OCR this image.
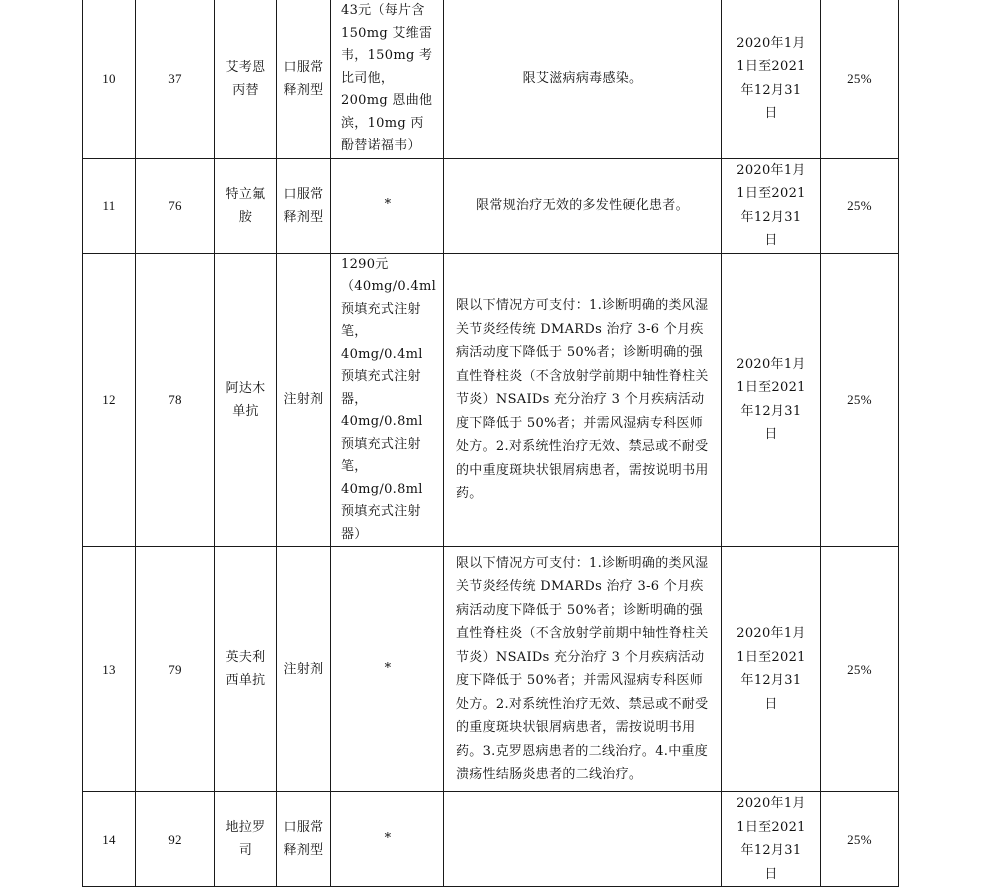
10	37	艾考恩丙替	口服常释剂型	43元（每片含150mg 艾维雷韦，150mg 考比司他，200mg 恩曲他滨，10mg 丙酚替诺福韦）	限艾滋病病毒感染。	2020年1月1日至2021年12月31日	25%
11	76	特立氟胺	口服常释剂型	*	限常规治疗无效的多发性硬化患者。	2020年1月1日至2021年12月31日	25%
12	78	阿达木单抗	注射剂	1290元（40mg/0.4ml预填充式注射笔，40mg/0.4ml 预填充式注射器，40mg/0.8ml 预填充式注射笔，40mg/0.8ml 预填充式注射器）	限以下情况方可支付：1.诊断明确的类风湿关节炎经传统 DMARDs 治疗 3-6 个月疾病活动度下降低于 50%者；诊断明确的强直性脊柱炎（不含放射学前期中轴性脊柱关节炎）NSAIDs 充分治疗 3 个月疾病活动度下降低于 50%者；并需风湿病专科医师处方。2.对系统性治疗无效、禁忌或不耐受的中重度斑块状银屑病患者，需按说明书用药。	2020年1月1日至2021年12月31日	25%
13	79	英夫利西单抗	注射剂	*	限以下情况方可支付：1.诊断明确的类风湿关节炎经传统 DMARDs 治疗 3-6 个月疾病活动度下降低于 50%者；诊断明确的强直性脊柱炎（不含放射学前期中轴性脊柱关节炎）NSAIDs 充分治疗 3 个月疾病活动度下降低于 50%者；并需风湿病专科医师处方。2.对系统性治疗无效、禁忌或不耐受的重度斑块状银屑病患者，需按说明书用药。3.克罗恩病患者的二线治疗。4.中重度溃疡性结肠炎患者的二线治疗。	2020年1月1日至2021年12月31日	25%
14	92	地拉罗司	口服常释剂型	*		2020年1月1日至2021年12月31日	25%
